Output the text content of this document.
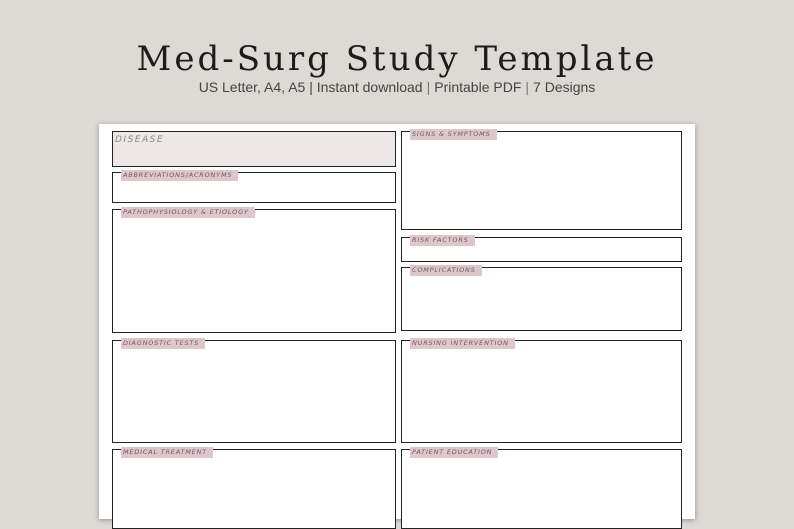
Med-Surg Study Template
US Letter, A4, A5 | Instant download | Printable PDF | 7 Designs
DISEASE
ABBREVIATIONS/ACRONYMS
PATHOPHYSIOLOGY & ETIOLOGY
DIAGNOSTIC TESTS
MEDICAL TREATMENT
SIGNS & SYMPTOMS
RISK FACTORS
COMPLICATIONS
NURSING INTERVENTION
PATIENT EDUCATION
